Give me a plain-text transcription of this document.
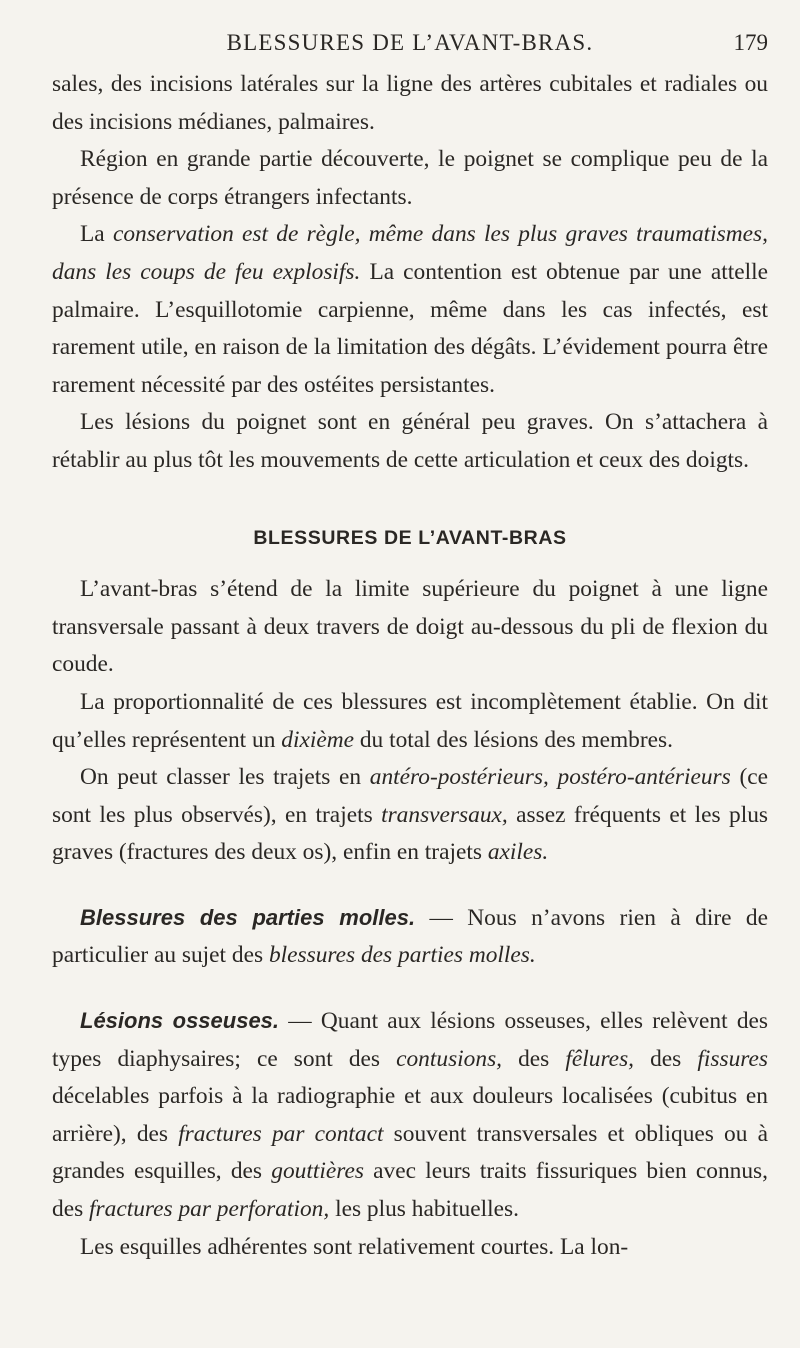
BLESSURES DE L’AVANT-BRAS.	179

sales, des incisions latérales sur la ligne des artères cubitales et radiales ou des incisions médianes, palmaires.

Région en grande partie découverte, le poignet se complique peu de la présence de corps étrangers infectants.

La conservation est de règle, même dans les plus graves traumatismes, dans les coups de feu explosifs. La contention est obtenue par une attelle palmaire. L’esquillotomie carpienne, même dans les cas infectés, est rarement utile, en raison de la limitation des dégâts. L’évidement pourra être rarement nécessité par des ostéites persistantes.

Les lésions du poignet sont en général peu graves. On s’attachera à rétablir au plus tôt les mouvements de cette articulation et ceux des doigts.

BLESSURES DE L’AVANT-BRAS

L’avant-bras s’étend de la limite supérieure du poignet à une ligne transversale passant à deux travers de doigt au-dessous du pli de flexion du coude.

La proportionnalité de ces blessures est incomplètement établie. On dit qu’elles représentent un dixième du total des lésions des membres.

On peut classer les trajets en antéro-postérieurs, postéro-antérieurs (ce sont les plus observés), en trajets transversaux, assez fréquents et les plus graves (fractures des deux os), enfin en trajets axiles.

Blessures des parties molles. — Nous n’avons rien à dire de particulier au sujet des blessures des parties molles.

Lésions osseuses. — Quant aux lésions osseuses, elles relèvent des types diaphysaires; ce sont des contusions, des fêlures, des fissures décelables parfois à la radiographie et aux douleurs localisées (cubitus en arrière), des fractures par contact souvent transversales et obliques ou à grandes esquilles, des gouttières avec leurs traits fissuriques bien connus, des fractures par perforation, les plus habituelles.

Les esquilles adhérentes sont relativement courtes. La lon-
